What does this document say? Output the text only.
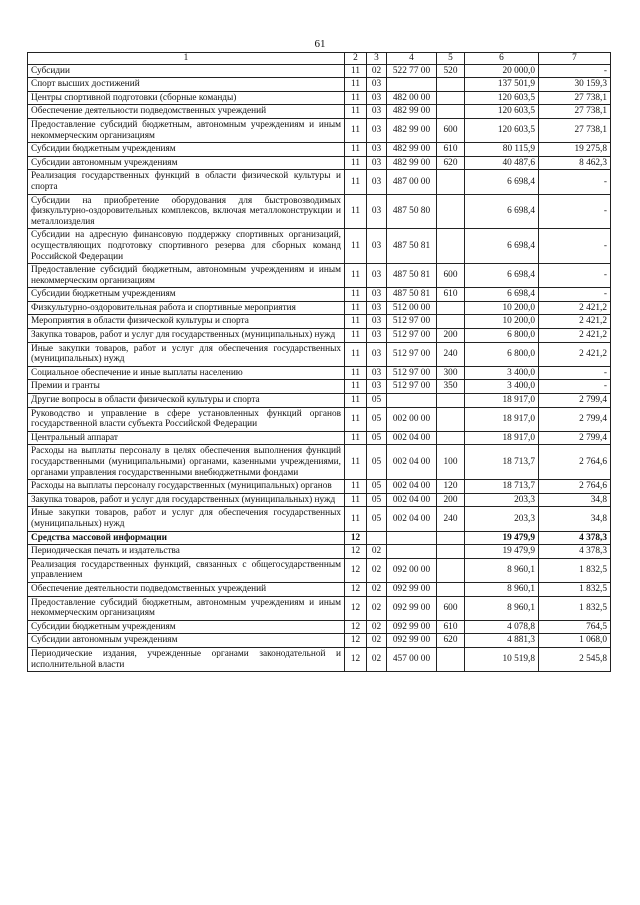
61
1	2	3	4	5	6	7
Субсидии	11	02	522 77 00	520	20 000,0	-
Спорт высших достижений	11	03			137 501,9	30 159,3
Центры спортивной подготовки (сборные команды)	11	03	482 00 00		120 603,5	27 738,1
Обеспечение деятельности подведомственных учреждений	11	03	482 99 00		120 603,5	27 738,1
Предоставление субсидий бюджетным, автономным учреждениям и иным некоммерческим организациям	11	03	482 99 00	600	120 603,5	27 738,1
Субсидии бюджетным учреждениям	11	03	482 99 00	610	80 115,9	19 275,8
Субсидии автономным учреждениям	11	03	482 99 00	620	40 487,6	8 462,3
Реализация государственных функций в области физической культуры и спорта	11	03	487 00 00		6 698,4	-
Субсидии на приобретение оборудования для быстровозводимых физкультурно-оздоровительных комплексов, включая металлоконструкции и металлоизделия	11	03	487 50 80		6 698,4	-
Субсидии на адресную финансовую поддержку спортивных организаций, осуществляющих подготовку спортивного резерва для сборных команд Российской Федерации	11	03	487 50 81		6 698,4	-
Предоставление субсидий бюджетным, автономным учреждениям и иным некоммерческим организациям	11	03	487 50 81	600	6 698,4	-
Субсидии бюджетным учреждениям	11	03	487 50 81	610	6 698,4	-
Физкультурно-оздоровительная работа и спортивные мероприятия	11	03	512 00 00		10 200,0	2 421,2
Мероприятия в области физической культуры и спорта	11	03	512 97 00		10 200,0	2 421,2
Закупка товаров, работ и услуг для государственных (муниципальных) нужд	11	03	512 97 00	200	6 800,0	2 421,2
Иные закупки товаров, работ и услуг для обеспечения государственных (муниципальных) нужд	11	03	512 97 00	240	6 800,0	2 421,2
Социальное обеспечение и иные выплаты населению	11	03	512 97 00	300	3 400,0	-
Премии и гранты	11	03	512 97 00	350	3 400,0	-
Другие вопросы в области физической культуры и спорта	11	05			18 917,0	2 799,4
Руководство и управление в сфере установленных функций органов государственной власти субъекта Российской Федерации	11	05	002 00 00		18 917,0	2 799,4
Центральный аппарат	11	05	002 04 00		18 917,0	2 799,4
Расходы на выплаты персоналу в целях обеспечения выполнения функций государственными (муниципальными) органами, казенными учреждениями, органами управления государственными внебюджетными фондами	11	05	002 04 00	100	18 713,7	2 764,6
Расходы на выплаты персоналу государственных (муниципальных) органов	11	05	002 04 00	120	18 713,7	2 764,6
Закупка товаров, работ и услуг для государственных (муниципальных) нужд	11	05	002 04 00	200	203,3	34,8
Иные закупки товаров, работ и услуг для обеспечения государственных (муниципальных) нужд	11	05	002 04 00	240	203,3	34,8
Средства массовой информации	12				19 479,9	4 378,3
Периодическая печать и издательства	12	02			19 479,9	4 378,3
Реализация государственных функций, связанных с общегосударственным управлением	12	02	092 00 00		8 960,1	1 832,5
Обеспечение деятельности подведомственных учреждений	12	02	092 99 00		8 960,1	1 832,5
Предоставление субсидий бюджетным, автономным учреждениям и иным некоммерческим организациям	12	02	092 99 00	600	8 960,1	1 832,5
Субсидии бюджетным учреждениям	12	02	092 99 00	610	4 078,8	764,5
Субсидии автономным учреждениям	12	02	092 99 00	620	4 881,3	1 068,0
Периодические издания, учрежденные органами законодательной и исполнительной власти	12	02	457 00 00		10 519,8	2 545,8
